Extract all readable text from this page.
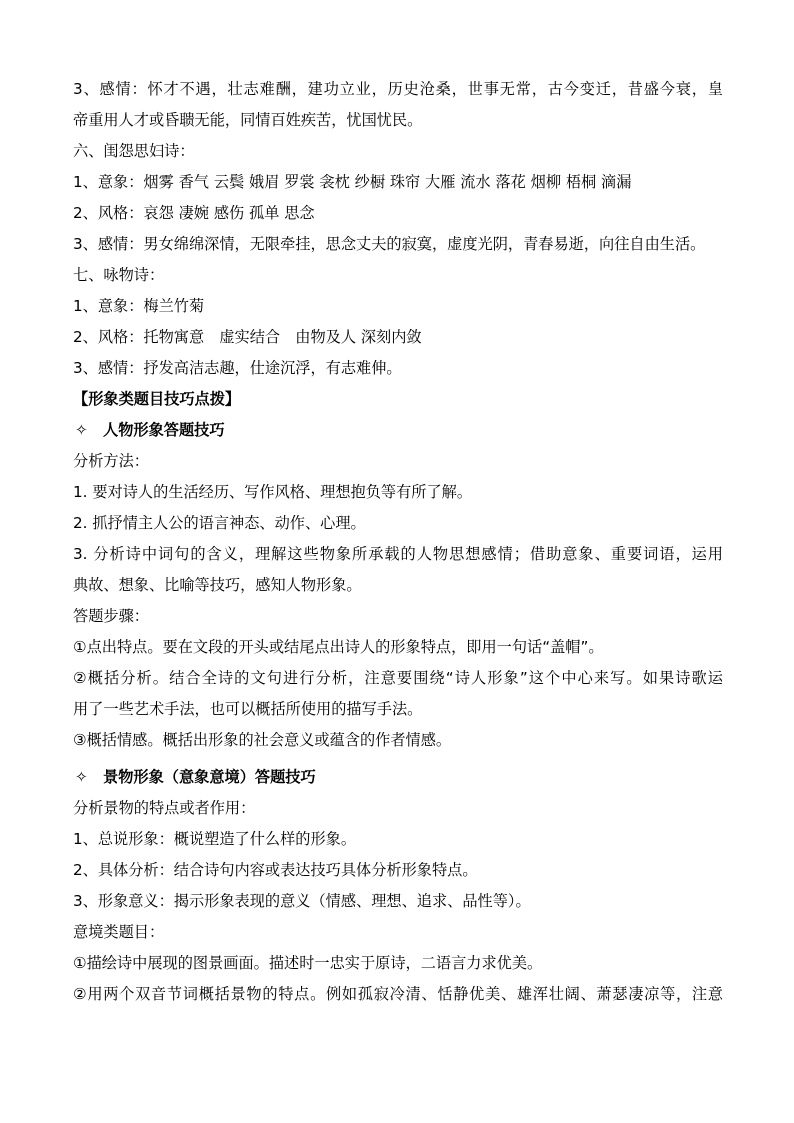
3、感情：怀才不遇，壮志难酬，建功立业，历史沧桑，世事无常，古今变迁，昔盛今衰，皇

帝重用人才或昏聩无能，同情百姓疾苦，忧国忧民。

六、闺怨思妇诗：

1、意象：烟雾 香气 云鬓 娥眉 罗裳 衾枕 纱橱 珠帘 大雁 流水 落花 烟柳 梧桐 滴漏

2、风格：哀怨 凄婉 感伤 孤单 思念

3、感情：男女绵绵深情，无限牵挂，思念丈夫的寂寞，虚度光阴，青春易逝，向往自由生活。

七、咏物诗：

1、意象：梅兰竹菊

2、风格：托物寓意　虚实结合　由物及人 深刻内敛

3、感情：抒发高洁志趣，仕途沉浮，有志难伸。

【形象类题目技巧点拨】

✧ 人物形象答题技巧

分析方法：

1. 要对诗人的生活经历、写作风格、理想抱负等有所了解。

2. 抓抒情主人公的语言神态、动作、心理。

3. 分析诗中词句的含义，理解这些物象所承载的人物思想感情；借助意象、重要词语，运用

典故、想象、比喻等技巧，感知人物形象。

答题步骤：

①点出特点。要在文段的开头或结尾点出诗人的形象特点，即用一句话“盖帽”。

②概括分析。结合全诗的文句进行分析，注意要围绕“诗人形象”这个中心来写。如果诗歌运

用了一些艺术手法，也可以概括所使用的描写手法。

③概括情感。概括出形象的社会意义或蕴含的作者情感。

✧ 景物形象（意象意境）答题技巧

分析景物的特点或者作用：

1、总说形象：概说塑造了什么样的形象。

2、具体分析：结合诗句内容或表达技巧具体分析形象特点。

3、形象意义：揭示形象表现的意义（情感、理想、追求、品性等）。

意境类题目：

①描绘诗中展现的图景画面。描述时一忠实于原诗，二语言力求优美。

②用两个双音节词概括景物的特点。例如孤寂冷清、恬静优美、雄浑壮阔、萧瑟凄凉等，注意
